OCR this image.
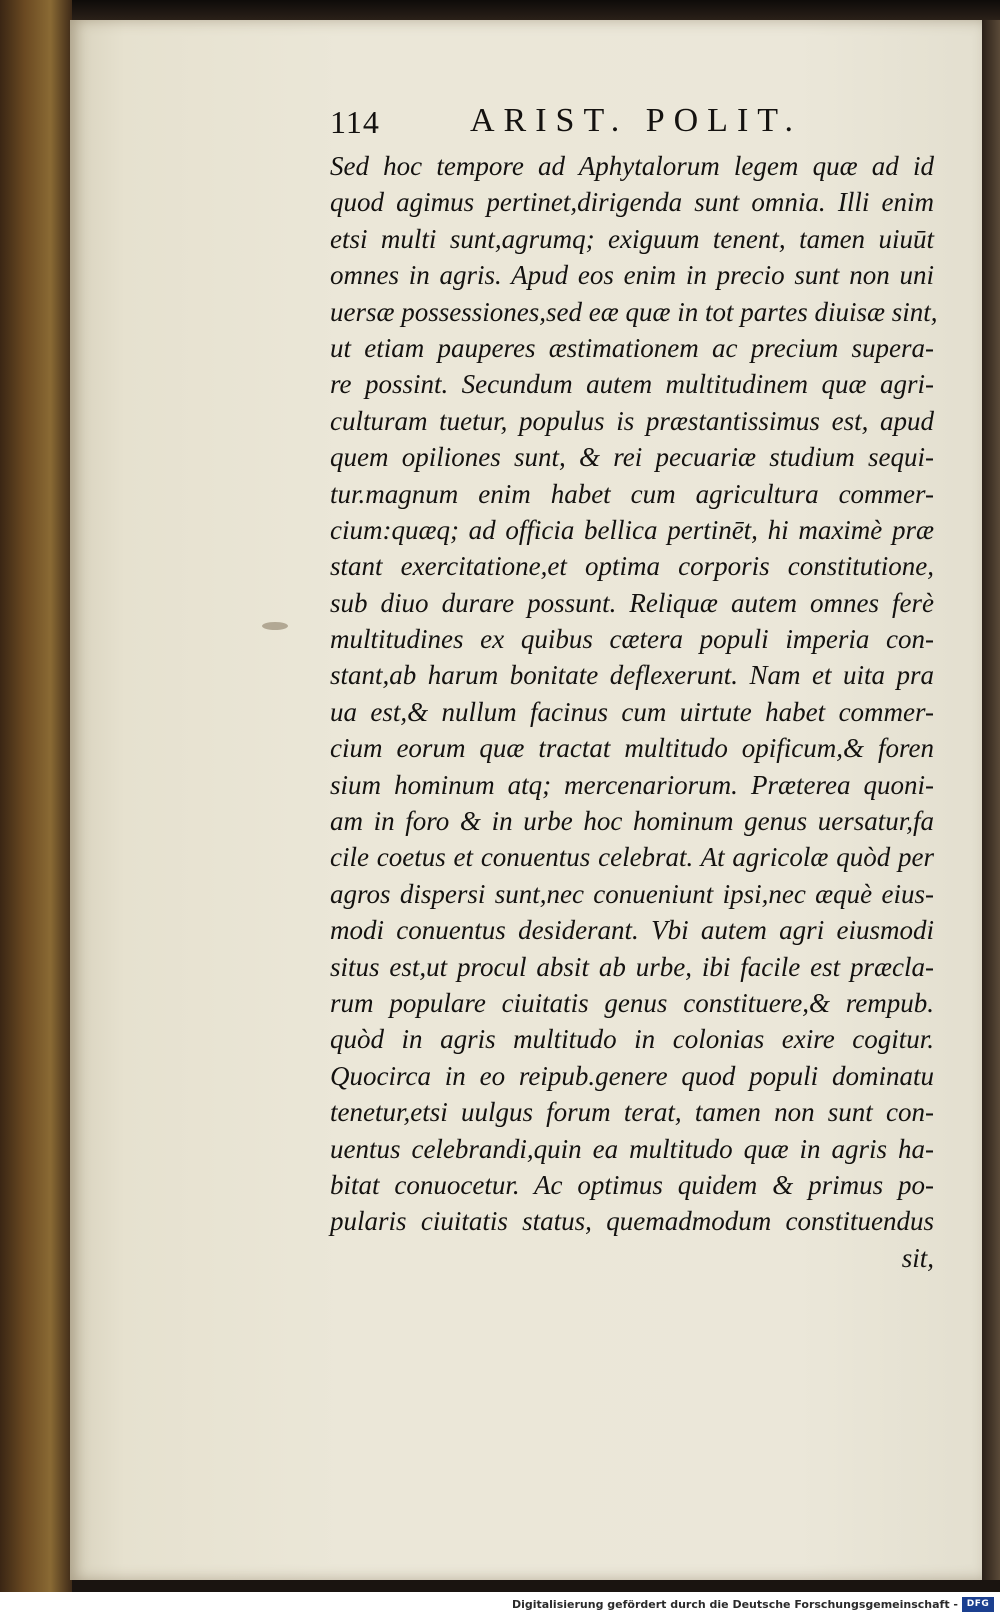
114	ARIST. POLIT.
Sed hoc tempore ad Aphytalorum legem quæ ad id
quod agimus pertinet,dirigenda sunt omnia. Illi enim
etsi multi sunt,agrumq; exiguum tenent, tamen uiuūt
omnes in agris. Apud eos enim in precio sunt non uni
uersæ possessiones,sed eæ quæ in tot partes diuisæ sint,
ut etiam pauperes æstimationem ac precium supera-
re possint. Secundum autem multitudinem quæ agri-
culturam tuetur, populus is præstantissimus est, apud
quem opiliones sunt, & rei pecuariæ studium sequi-
tur.magnum enim habet cum agricultura commer-
cium:quæq; ad officia bellica pertinēt, hi maximè præ
stant exercitatione,et optima corporis constitutione,
sub diuo durare possunt. Reliquæ autem omnes ferè
multitudines ex quibus cætera populi imperia con-
stant,ab harum bonitate deflexerunt. Nam et uita pra
ua est,& nullum facinus cum uirtute habet commer-
cium eorum quæ tractat multitudo opificum,& foren
sium hominum atq; mercenariorum. Præterea quoni-
am in foro & in urbe hoc hominum genus uersatur,fa
cile coetus et conuentus celebrat. At agricolæ quòd per
agros dispersi sunt,nec conueniunt ipsi,nec æquè eius-
modi conuentus desiderant. Vbi autem agri eiusmodi
situs est,ut procul absit ab urbe, ibi facile est præcla-
rum populare ciuitatis genus constituere,& rempub.
quòd in agris multitudo in colonias exire cogitur.
Quocirca in eo reipub.genere quod populi dominatu
tenetur,etsi uulgus forum terat, tamen non sunt con-
uentus celebrandi,quin ea multitudo quæ in agris ha-
bitat conuocetur. Ac optimus quidem & primus po-
pularis ciuitatis status, quemadmodum constituendus
sit,
Digitalisierung gefördert durch die Deutsche Forschungsgemeinschaft - DFG
